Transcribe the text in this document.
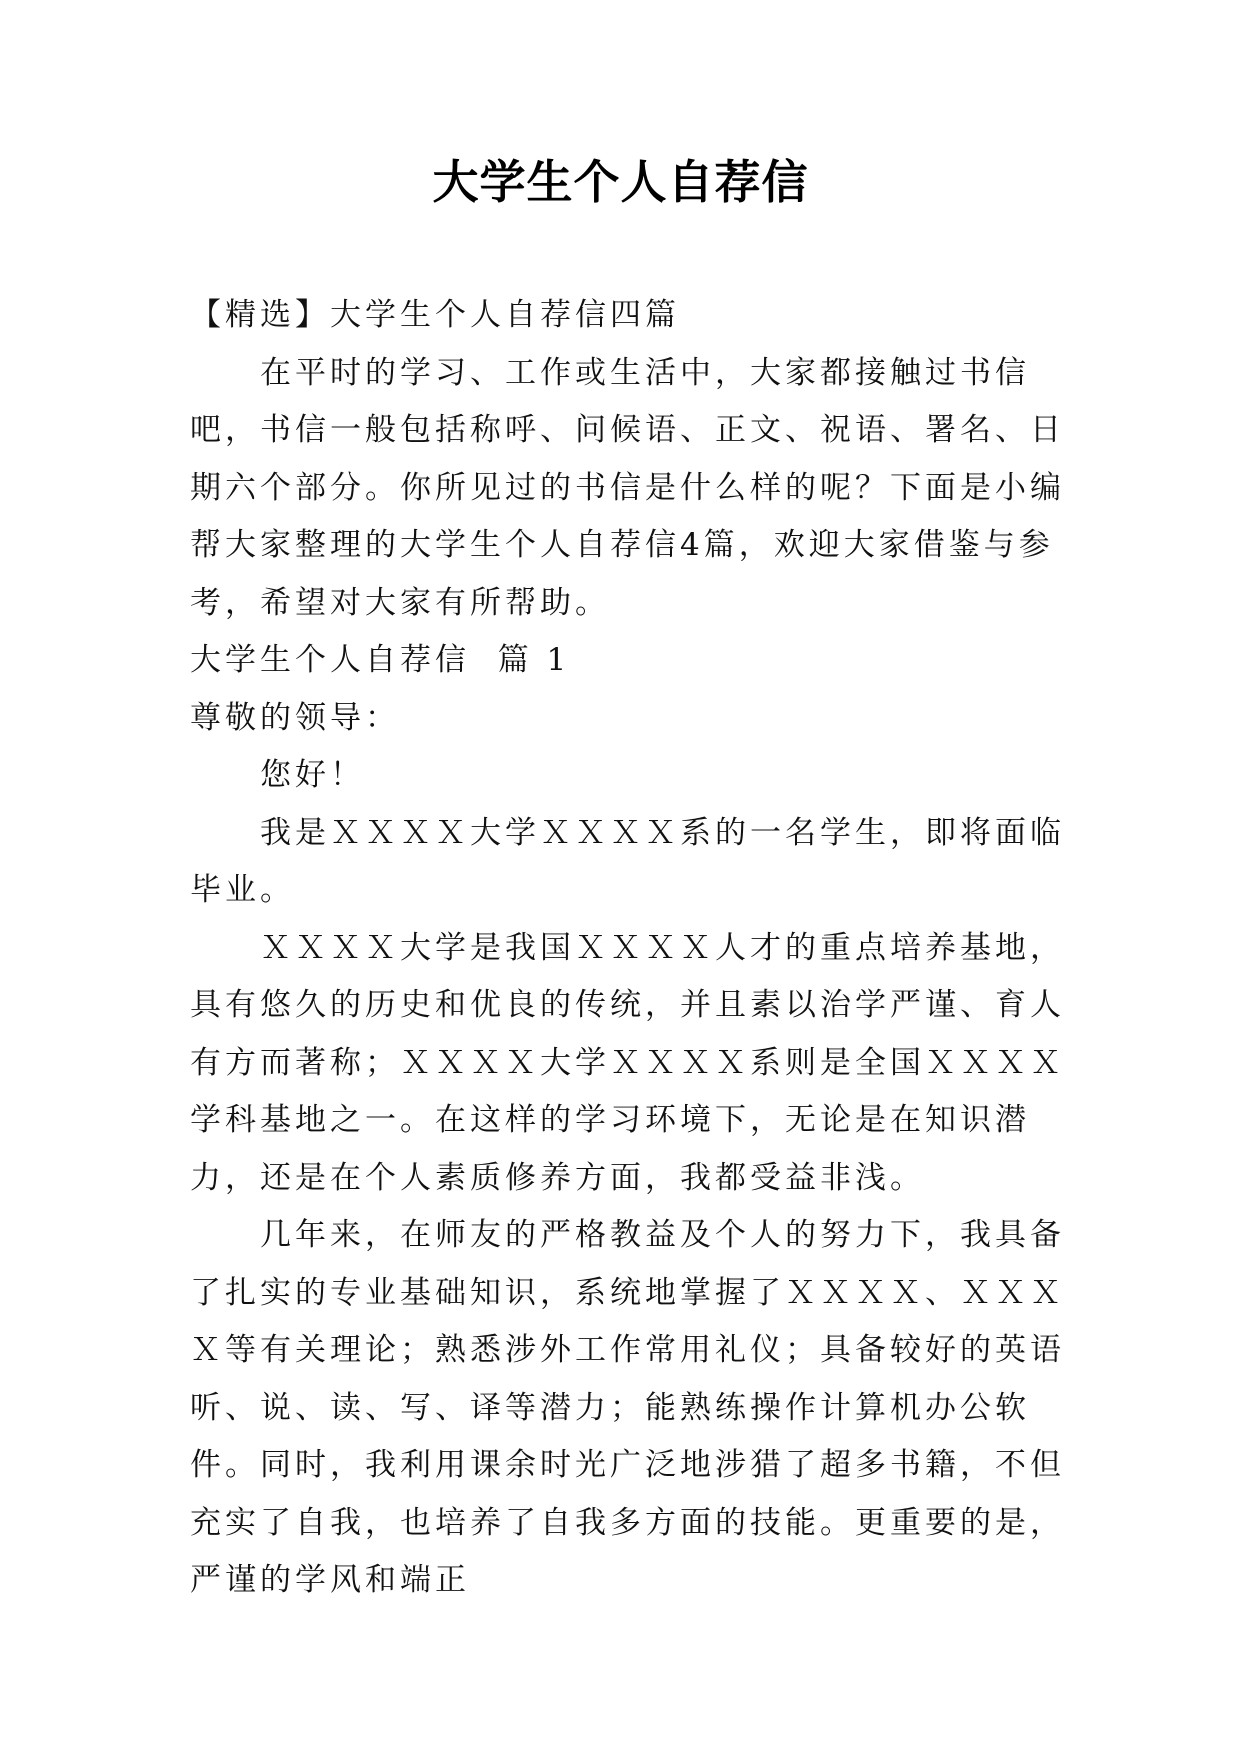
大学生个人自荐信

【精选】大学生个人自荐信四篇

在平时的学习、工作或生活中，大家都接触过书信吧，书信一般包括称呼、问候语、正文、祝语、署名、日期六个部分。你所见过的书信是什么样的呢？下面是小编帮大家整理的大学生个人自荐信4篇，欢迎大家借鉴与参考，希望对大家有所帮助。

大学生个人自荐信  篇 1

尊敬的领导：

您好！

我是ＸＸＸＸ大学ＸＸＸＸ系的一名学生，即将面临毕业。

ＸＸＸＸ大学是我国ＸＸＸＸ人才的重点培养基地，具有悠久的历史和优良的传统，并且素以治学严谨、育人有方而著称；ＸＸＸＸ大学ＸＸＸＸ系则是全国ＸＸＸＸ学科基地之一。在这样的学习环境下，无论是在知识潜力，还是在个人素质修养方面，我都受益非浅。

几年来，在师友的严格教益及个人的努力下，我具备了扎实的专业基础知识，系统地掌握了ＸＸＸＸ、ＸＸＸＸ等有关理论；熟悉涉外工作常用礼仪；具备较好的英语听、说、读、写、译等潜力；能熟练操作计算机办公软件。同时，我利用课余时光广泛地涉猎了超多书籍，不但充实了自我，也培养了自我多方面的技能。更重要的是，严谨的学风和端正
